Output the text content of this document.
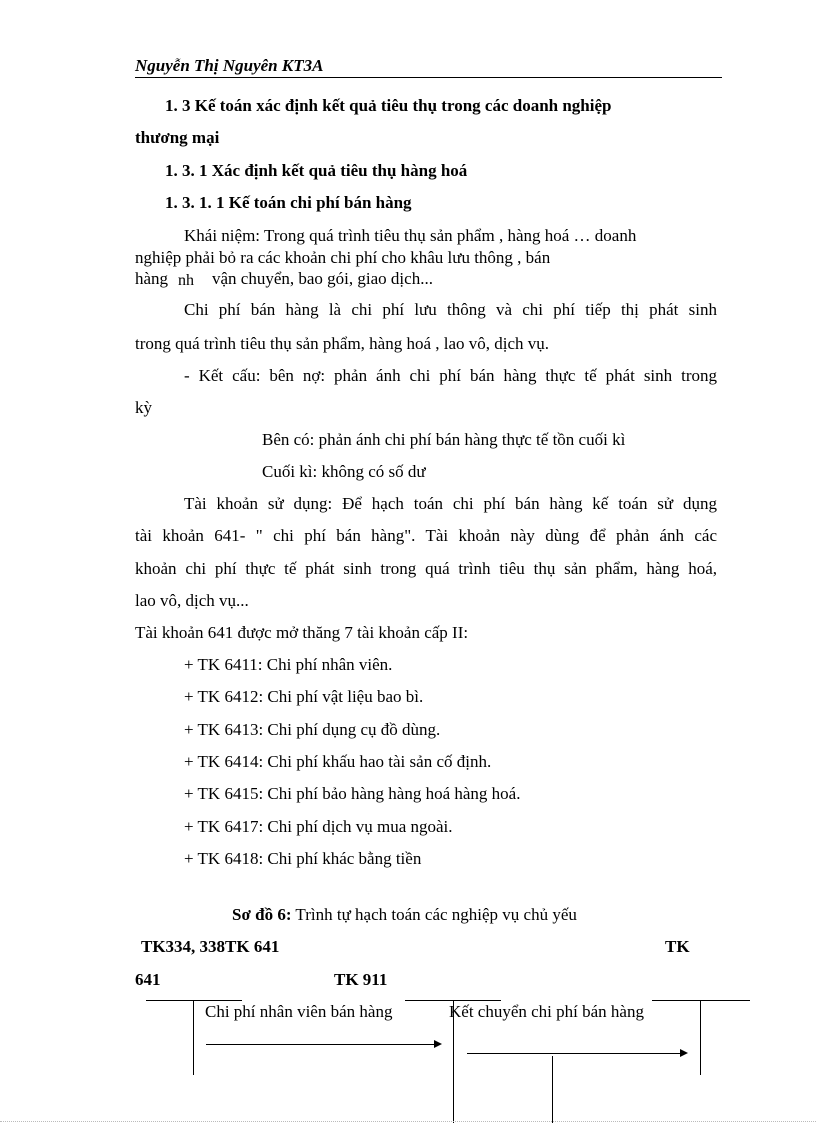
Nguyễn Thị Nguyên KT3A
1. 3 Kế toán xác định kết quả tiêu thụ trong các doanh nghiệp
thương mại
1. 3. 1 Xác định kết quả tiêu thụ hàng hoá
1. 3. 1. 1 Kế toán chi phí bán hàng
Khái niệm: Trong quá trình tiêu thụ sản phẩm , hàng hoá … doanh
nghiệp phải bỏ ra các khoản chi phí cho khâu lưu thông , bán
hàng nh vận chuyển, bao gói, giao dịch...
Chi phí bán hàng là chi phí lưu thông và chi phí tiếp thị phát sinh
trong quá trình tiêu thụ sản phẩm, hàng hoá , lao vô, dịch vụ.
- Kết cấu: bên nợ: phản ánh chi phí bán hàng thực tế phát sinh trong
kỳ
Bên có: phản ánh chi phí bán hàng thực tế tồn cuối kì
Cuối kì: không có số dư
Tài khoản sử dụng: Để hạch toán chi phí bán hàng kế toán sử dụng
tài khoản 641- " chi phí bán hàng". Tài khoản này dùng để phản ánh các
khoản chi phí thực tế phát sinh trong quá trình tiêu thụ sản phẩm, hàng hoá,
lao vô, dịch vụ...
Tài khoản 641 được mở thăng 7 tài khoản cấp II:
+ TK 6411: Chi phí nhân viên.
+ TK 6412: Chi phí vật liệu bao bì.
+ TK 6413: Chi phí dụng cụ đồ dùng.
+ TK 6414: Chi phí khấu hao tài sản cố định.
+ TK 6415: Chi phí bảo hàng hàng hoá hàng hoá.
+ TK 6417: Chi phí dịch vụ mua ngoài.
+ TK 6418: Chi phí khác bằng tiền
Sơ đồ 6: Trình tự hạch toán các nghiệp vụ chủ yếu
TK334, 338TK 641	TK
641	TK 911
Chi phí nhân viên bán hàng	Kết chuyển chi phí bán hàng
